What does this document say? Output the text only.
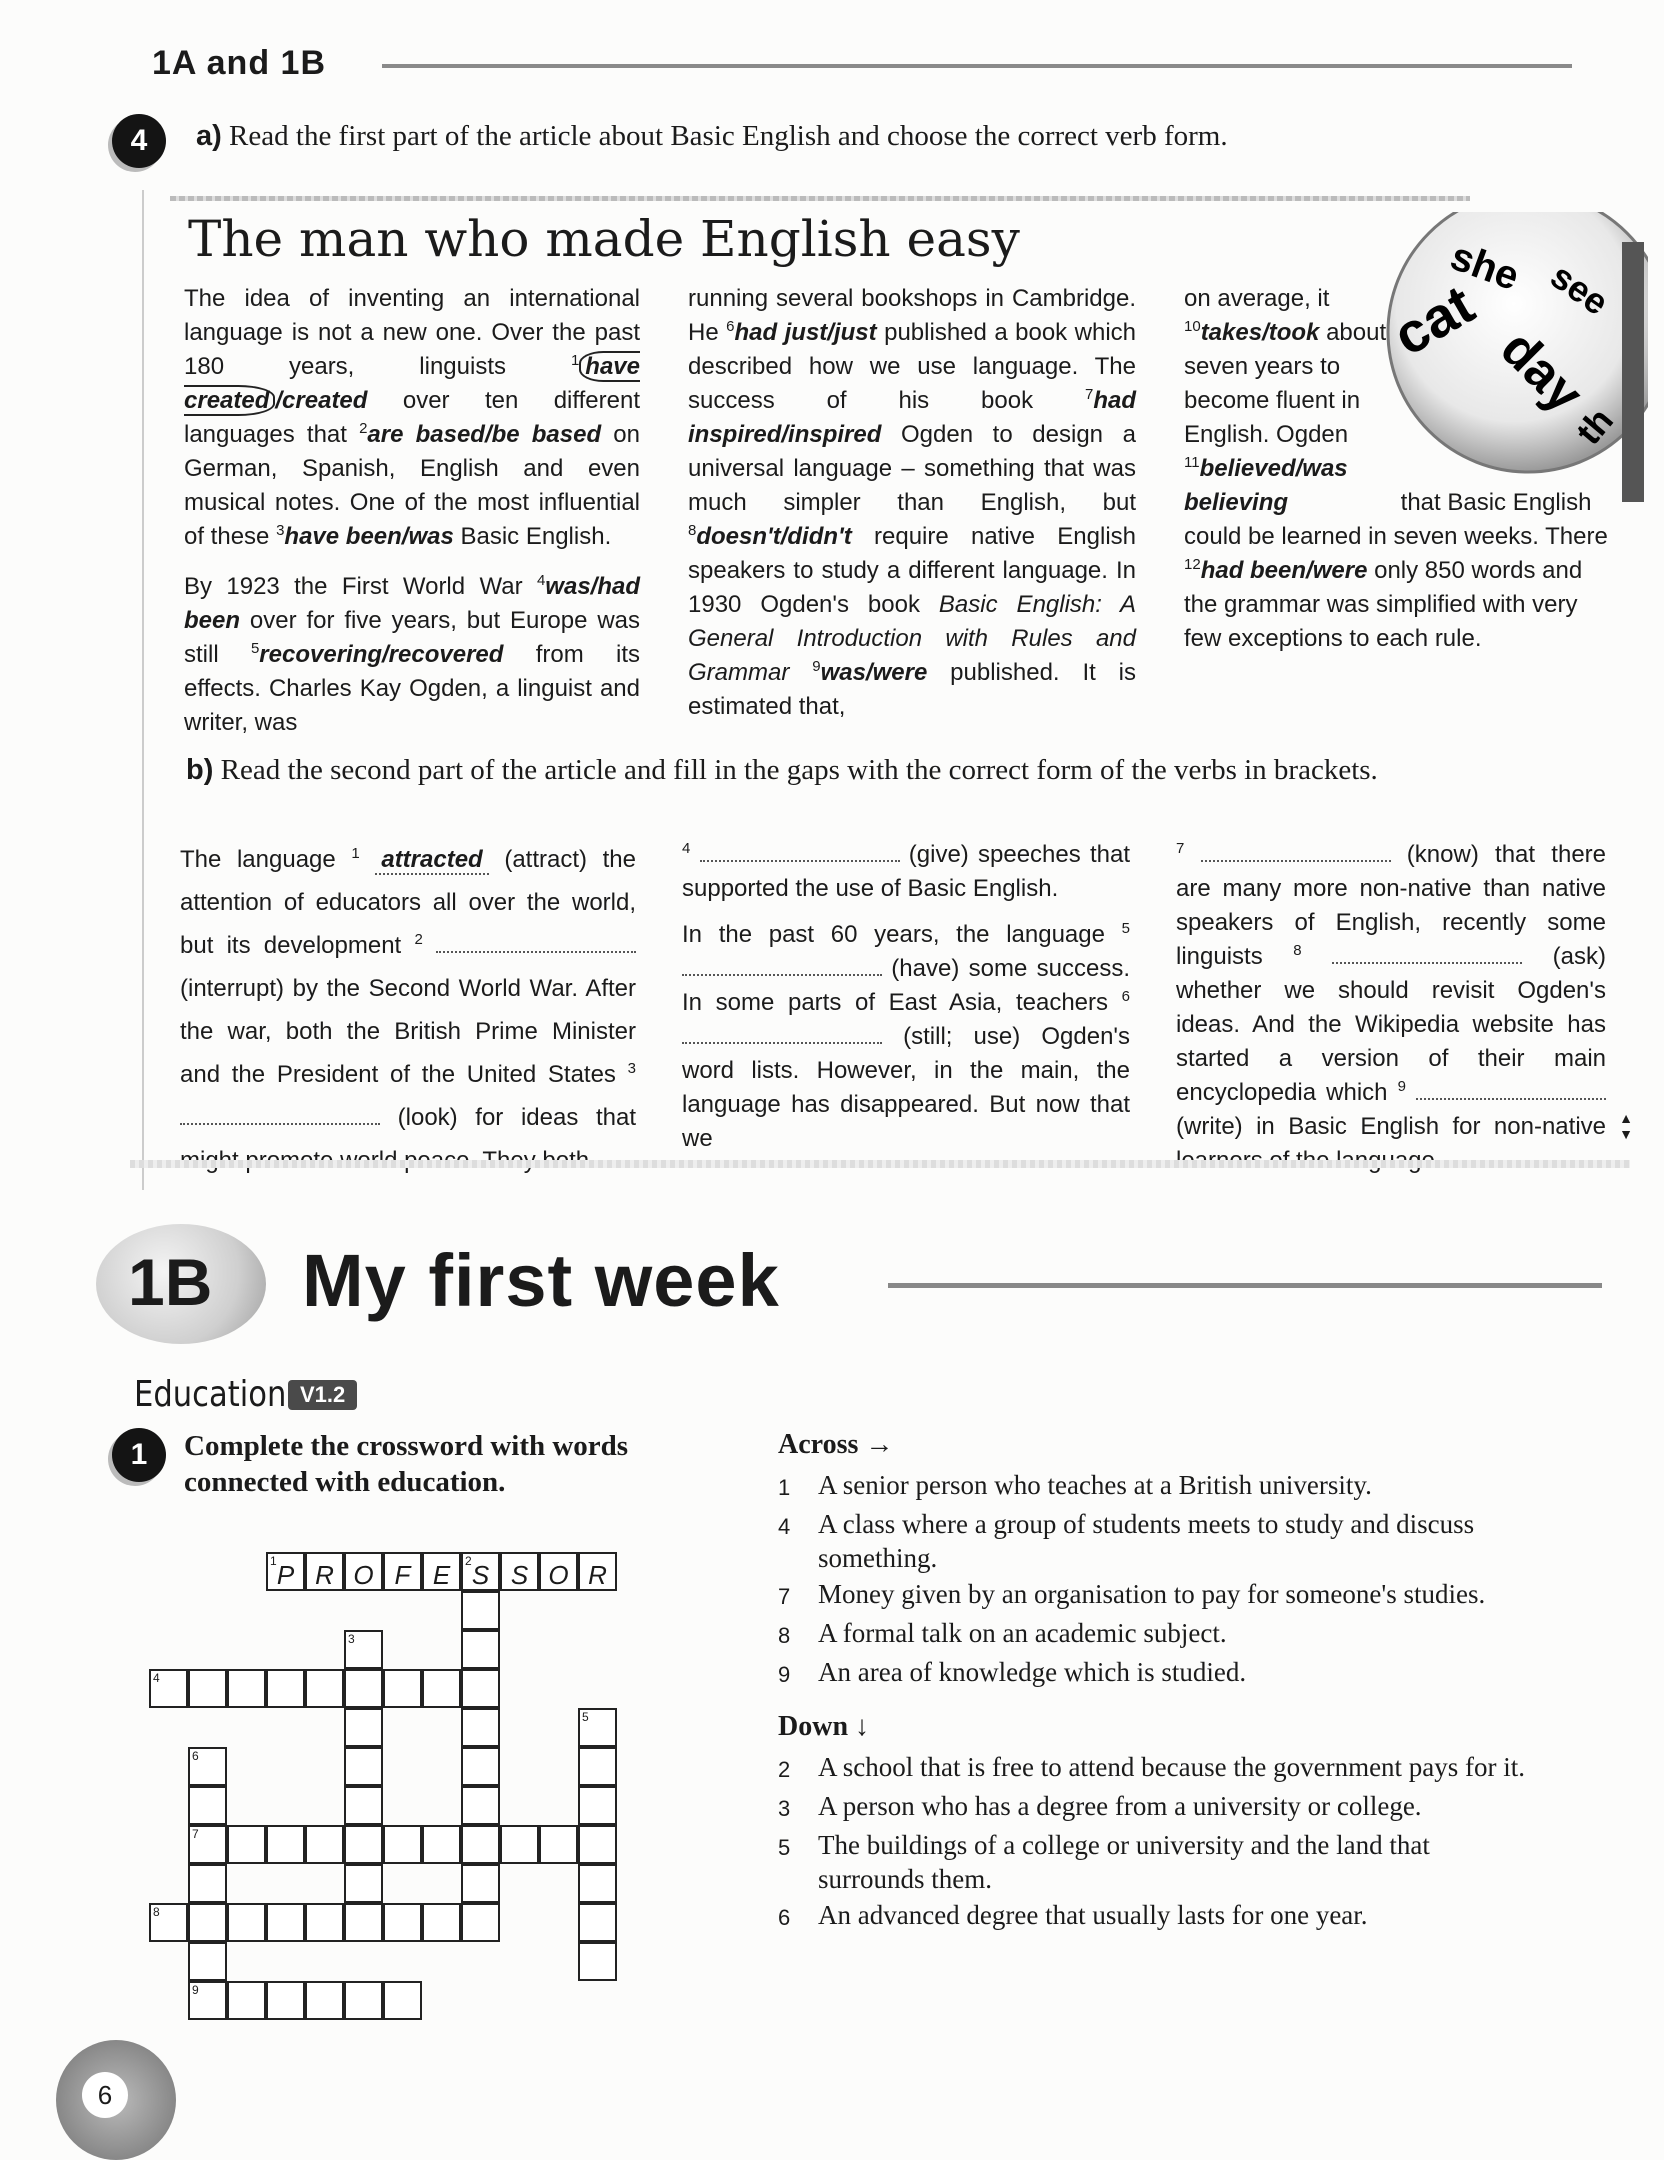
1A and 1B
4	a) Read the first part of the article about Basic English and choose the correct verb form.
The man who made English easy

The idea of inventing an international language is not a new one. Over the past 180 years, linguists $^1$ have created /created over ten different languages that $^2$are based/be based on German, Spanish, English and even musical notes. One of the most influential of these $^3$have been/was Basic English.

By 1923 the First World War $^4$was/had been over for five years, but Europe was still $^5$recovering/recovered from its effects. Charles Kay Ogden, a linguist and writer, was

running several bookshops in Cambridge. He $^6$had just/just published a book which described how we use language. The success of his book $^7$had inspired/inspired Ogden to design a universal language – something that was much simpler than English, but $^8$doesn't/didn't require native English speakers to study a different language. In 1930 Ogden's book Basic English: A General Introduction with Rules and Grammar $^9$was/were published. It is estimated that,

on average, it $^{10}$takes/took about seven years to become fluent in English. Ogden $^{11}$believed/was believing	that Basic English could be learned in seven weeks. There $^{12}$had been/were only 850 words and the grammar was simplified with very few exceptions to each rule.

she see
cat day
th
b) Read the second part of the article and fill in the gaps with the correct form of the verbs in brackets.
The language $^1$ attracted (attract) the attention of educators all over the world, but its development $^2$  (interrupt) by the Second World War. After the war, both the British Prime Minister and the President of the United States $^3$  (look) for ideas that
$^4$	(give) speeches that supported the use of Basic English.

In the past 60 years, the language $^5$  (have) some success. In some parts of East Asia, teachers $^6$  (still; use) Ogden's word lists. However, in the main, the language has disappeared. But now that we
$^7$	(know) that there are many more non-native than native speakers of English, recently some linguists $^8$	(ask) whether we should revisit Ogden's ideas. And the Wikipedia website has started a version of their main encyclopedia which $^9$  (write) in Basic English for non-native ▲
▼
1B My first week
Education V1.2
1	Complete the crossword with words connected with education.
1 P R O F E	2 S S O R
3
4
5
6
7
8
9
Across →
1	A senior person who teaches at a British university.
4	A class where a group of students meets to study and discuss something.
7	Money given by an organisation to pay for someone's studies.
8	A formal talk on an academic subject.
9	An area of knowledge which is studied.
Down ↓
2	A school that is free to attend because the government pays for it.
3	A person who has a degree from a university or college.
5	The buildings of a college or university and the land that surrounds them.
6	An advanced degree that usually lasts for one year.
6
